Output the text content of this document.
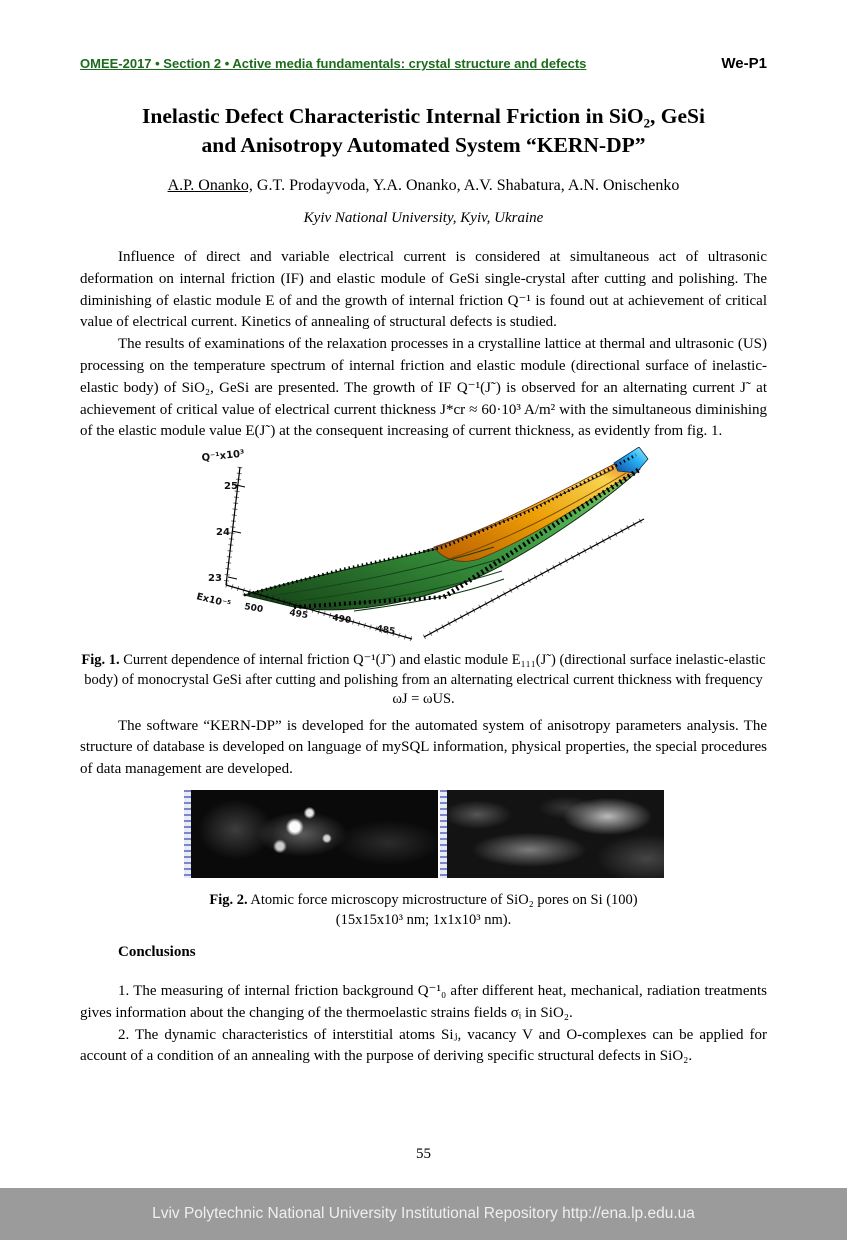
OMEE-2017 • Section 2 • Active media fundamentals: crystal structure and defects	We-P1
Inelastic Defect Characteristic Internal Friction in SiO₂, GeSi
and Anisotropy Automated System “KERN-DP”
A.P. Onanko, G.T. Prodayvoda, Y.A. Onanko, A.V. Shabatura, A.N. Onischenko
Kyiv National University, Kyiv, Ukraine

Influence of direct and variable electrical current is considered at simultaneous act of ultrasonic deformation on internal friction (IF) and elastic module of GeSi single-crystal after cutting and polishing. The diminishing of elastic module E of and the growth of internal friction Q⁻¹ is found out at achievement of critical value of electrical current. Kinetics of annealing of structural defects is studied.

The results of examinations of the relaxation processes in a crystalline lattice at thermal and ultrasonic (US) processing on the temperature spectrum of internal friction and elastic module (directional surface of inelastic-elastic body) of SiO₂, GeSi are presented. The growth of IF Q⁻¹(J˜) is observed for an alternating current J˜ at achievement of critical value of electrical current thickness J*cr ≈ 60·10³ A/m² with the simultaneous diminishing of the elastic module value E(J˜) at the consequent increasing of current thickness, as evidently from fig. 1.

Q⁻¹x10³
25
24
23
Ex10⁻⁵ 500	495	490
485
Fig. 1. Current dependence of internal friction Q⁻¹(J˜) and elastic module E₁₁₁(J˜) (directional surface inelastic-elastic body) of monocrystal GeSi after cutting and polishing from an alternating electrical current thickness with frequency ωJ = ωUS.

The software “KERN-DP” is developed for the automated system of anisotropy parameters analysis. The structure of database is developed on language of mySQL information, physical properties, the special procedures of data management are developed.

Fig. 2. Atomic force microscopy microstructure of SiO₂ pores on Si (100) (15x15x10³ nm; 1x1x10³ nm).
Conclusions

1. The measuring of internal friction background Q⁻¹₀ after different heat, mechanical, radiation treatments gives information about the changing of the thermoelastic strains fields σᵢ in SiO₂.

2. The dynamic characteristics of interstitial atoms Siⱼ, vacancy V and O-complexes can be applied for account of a condition of an annealing with the purpose of deriving specific structural defects in SiO₂.

55
Lviv Polytechnic National University Institutional Repository http://ena.lp.edu.ua
